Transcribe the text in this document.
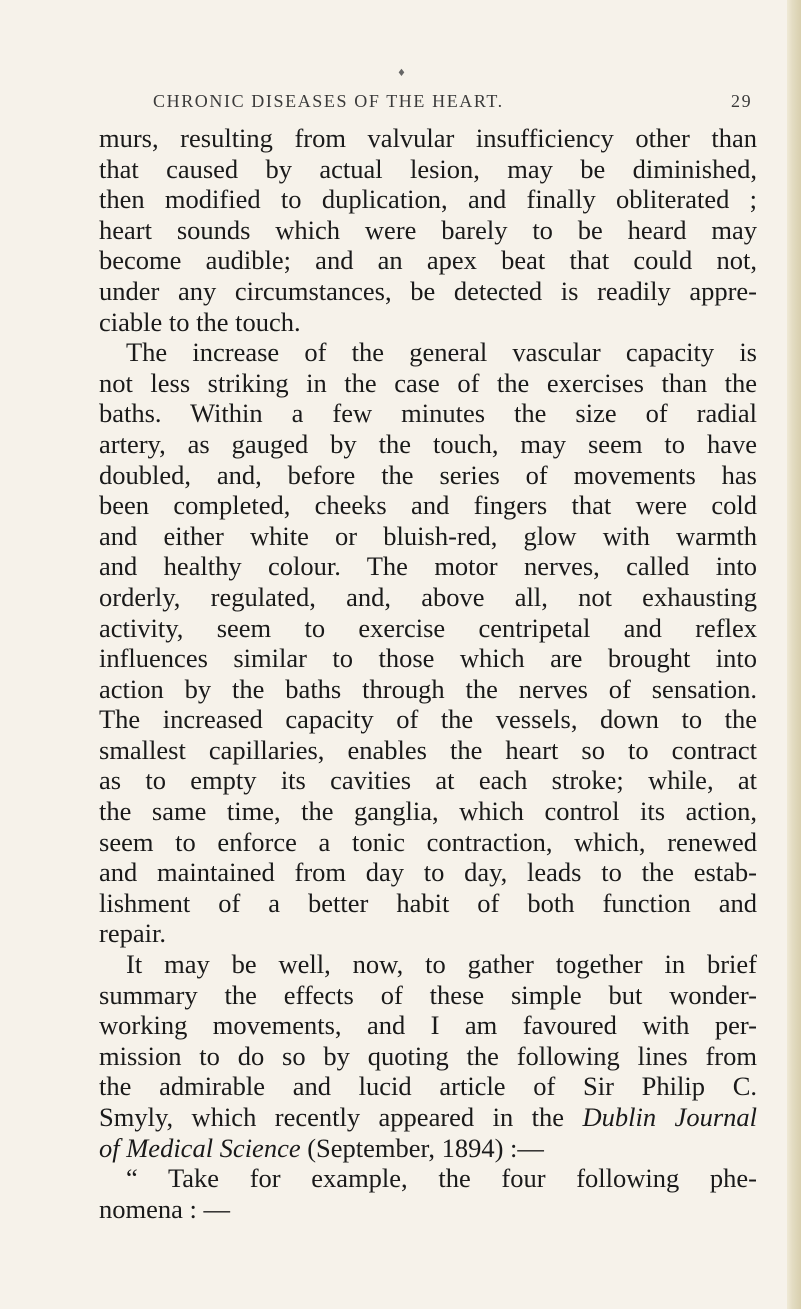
♦
CHRONIC DISEASES OF THE HEART.	29
murs, resulting from valvular insufficiency other than
that caused by actual lesion, may be diminished,
then modified to duplication, and finally obliterated ;
heart sounds which were barely to be heard may
become audible; and an apex beat that could not,
under any circumstances, be detected is readily appre-
ciable to the touch.
The increase of the general vascular capacity is
not less striking in the case of the exercises than the
baths. Within a few minutes the size of radial
artery, as gauged by the touch, may seem to have
doubled, and, before the series of movements has
been completed, cheeks and fingers that were cold
and either white or bluish-red, glow with warmth
and healthy colour. The motor nerves, called into
orderly, regulated, and, above all, not exhausting
activity, seem to exercise centripetal and reflex
influences similar to those which are brought into
action by the baths through the nerves of sensation.
The increased capacity of the vessels, down to the
smallest capillaries, enables the heart so to contract
as to empty its cavities at each stroke; while, at
the same time, the ganglia, which control its action,
seem to enforce a tonic contraction, which, renewed
and maintained from day to day, leads to the estab-
lishment of a better habit of both function and
repair.
It may be well, now, to gather together in brief
summary the effects of these simple but wonder-
working movements, and I am favoured with per-
mission to do so by quoting the following lines from
the admirable and lucid article of Sir Philip C.
Smyly, which recently appeared in the Dublin Journal
of Medical Science (September, 1894) :—
“ Take for example, the four following phe-
nomena : —
